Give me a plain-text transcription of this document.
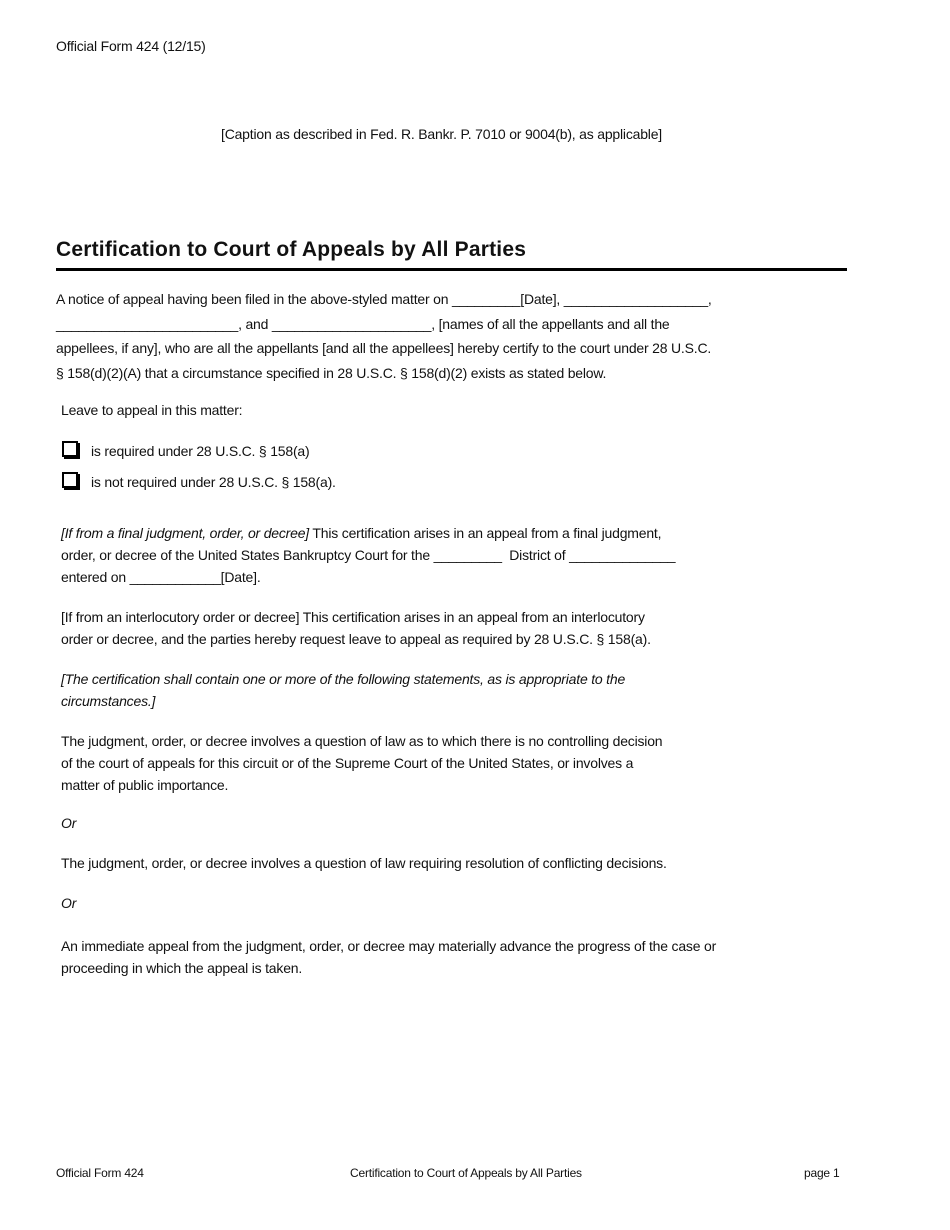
Official Form 424 (12/15)
[Caption as described in Fed. R. Bankr. P. 7010 or 9004(b), as applicable]
Certification to Court of Appeals by All Parties
A notice of appeal having been filed in the above-styled matter on _________[Date], ___________________,
________________________, and _____________________, [names of all the appellants and all the
appellees, if any], who are all the appellants [and all the appellees] hereby certify to the court under 28 U.S.C.
§ 158(d)(2)(A) that a circumstance specified in 28 U.S.C. § 158(d)(2) exists as stated below.
Leave to appeal in this matter:
is required under 28 U.S.C. § 158(a)
is not required under 28 U.S.C. § 158(a).
[If from a final judgment, order, or decree] This certification arises in an appeal from a final judgment,
order, or decree of the United States Bankruptcy Court for the _________  District of ______________
entered on ____________[Date].
[If from an interlocutory order or decree] This certification arises in an appeal from an interlocutory
order or decree, and the parties hereby request leave to appeal as required by 28 U.S.C. § 158(a).
[The certification shall contain one or more of the following statements, as is appropriate to the
circumstances.]
The judgment, order, or decree involves a question of law as to which there is no controlling decision
of the court of appeals for this circuit or of the Supreme Court of the United States, or involves a
matter of public importance.
Or
The judgment, order, or decree involves a question of law requiring resolution of conflicting decisions.
Or
An immediate appeal from the judgment, order, or decree may materially advance the progress of the case or
proceeding in which the appeal is taken.
Official Form 424	Certification to Court of Appeals by All Parties	page 1
